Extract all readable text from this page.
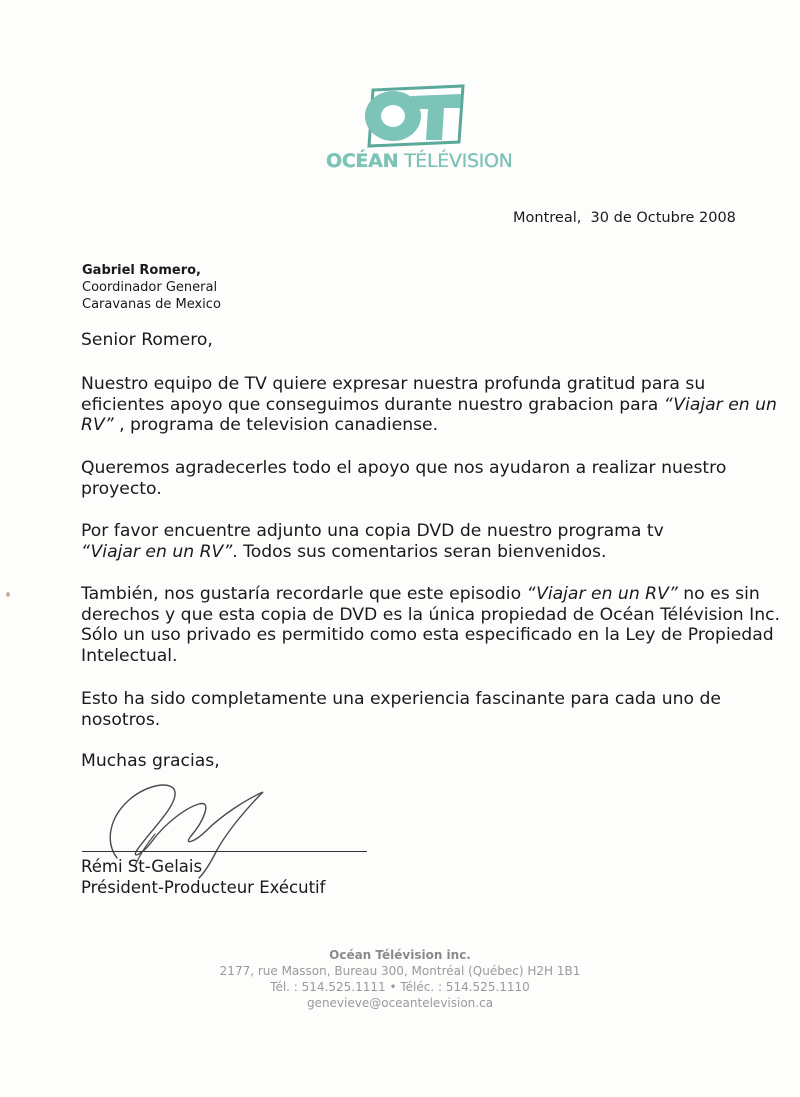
OCÉAN TÉLÉVISION
Montreal,  30 de Octubre 2008
Gabriel Romero,
Coordinador General
Caravanas de Mexico
Senior Romero,
Nuestro equipo de TV quiere expresar nuestra profunda gratitud para su eficientes apoyo que conseguimos durante nuestro grabacion para “Viajar en un RV” , programa de television canadiense.
Queremos agradecerles todo el apoyo que nos ayudaron a realizar nuestro proyecto.
Por favor encuentre adjunto una copia DVD de nuestro programa tv
“Viajar en un RV”. Todos sus comentarios seran bienvenidos.
También, nos gustaría recordarle que este episodio “Viajar en un RV” no es sin derechos y que esta copia de DVD es la única propiedad de Océan Télévision Inc. Sólo un uso privado es permitido como esta especificado en la Ley de Propiedad Intelectual.
Esto ha sido completamente una experiencia fascinante para cada uno de nosotros.
Muchas gracias,
Rémi St-Gelais
Président-Producteur Exécutif
Océan Télévision inc.
2177, rue Masson, Bureau 300, Montréal (Québec) H2H 1B1
Tél. : 514.525.1111 • Téléc. : 514.525.1110
genevieve@oceantelevision.ca
